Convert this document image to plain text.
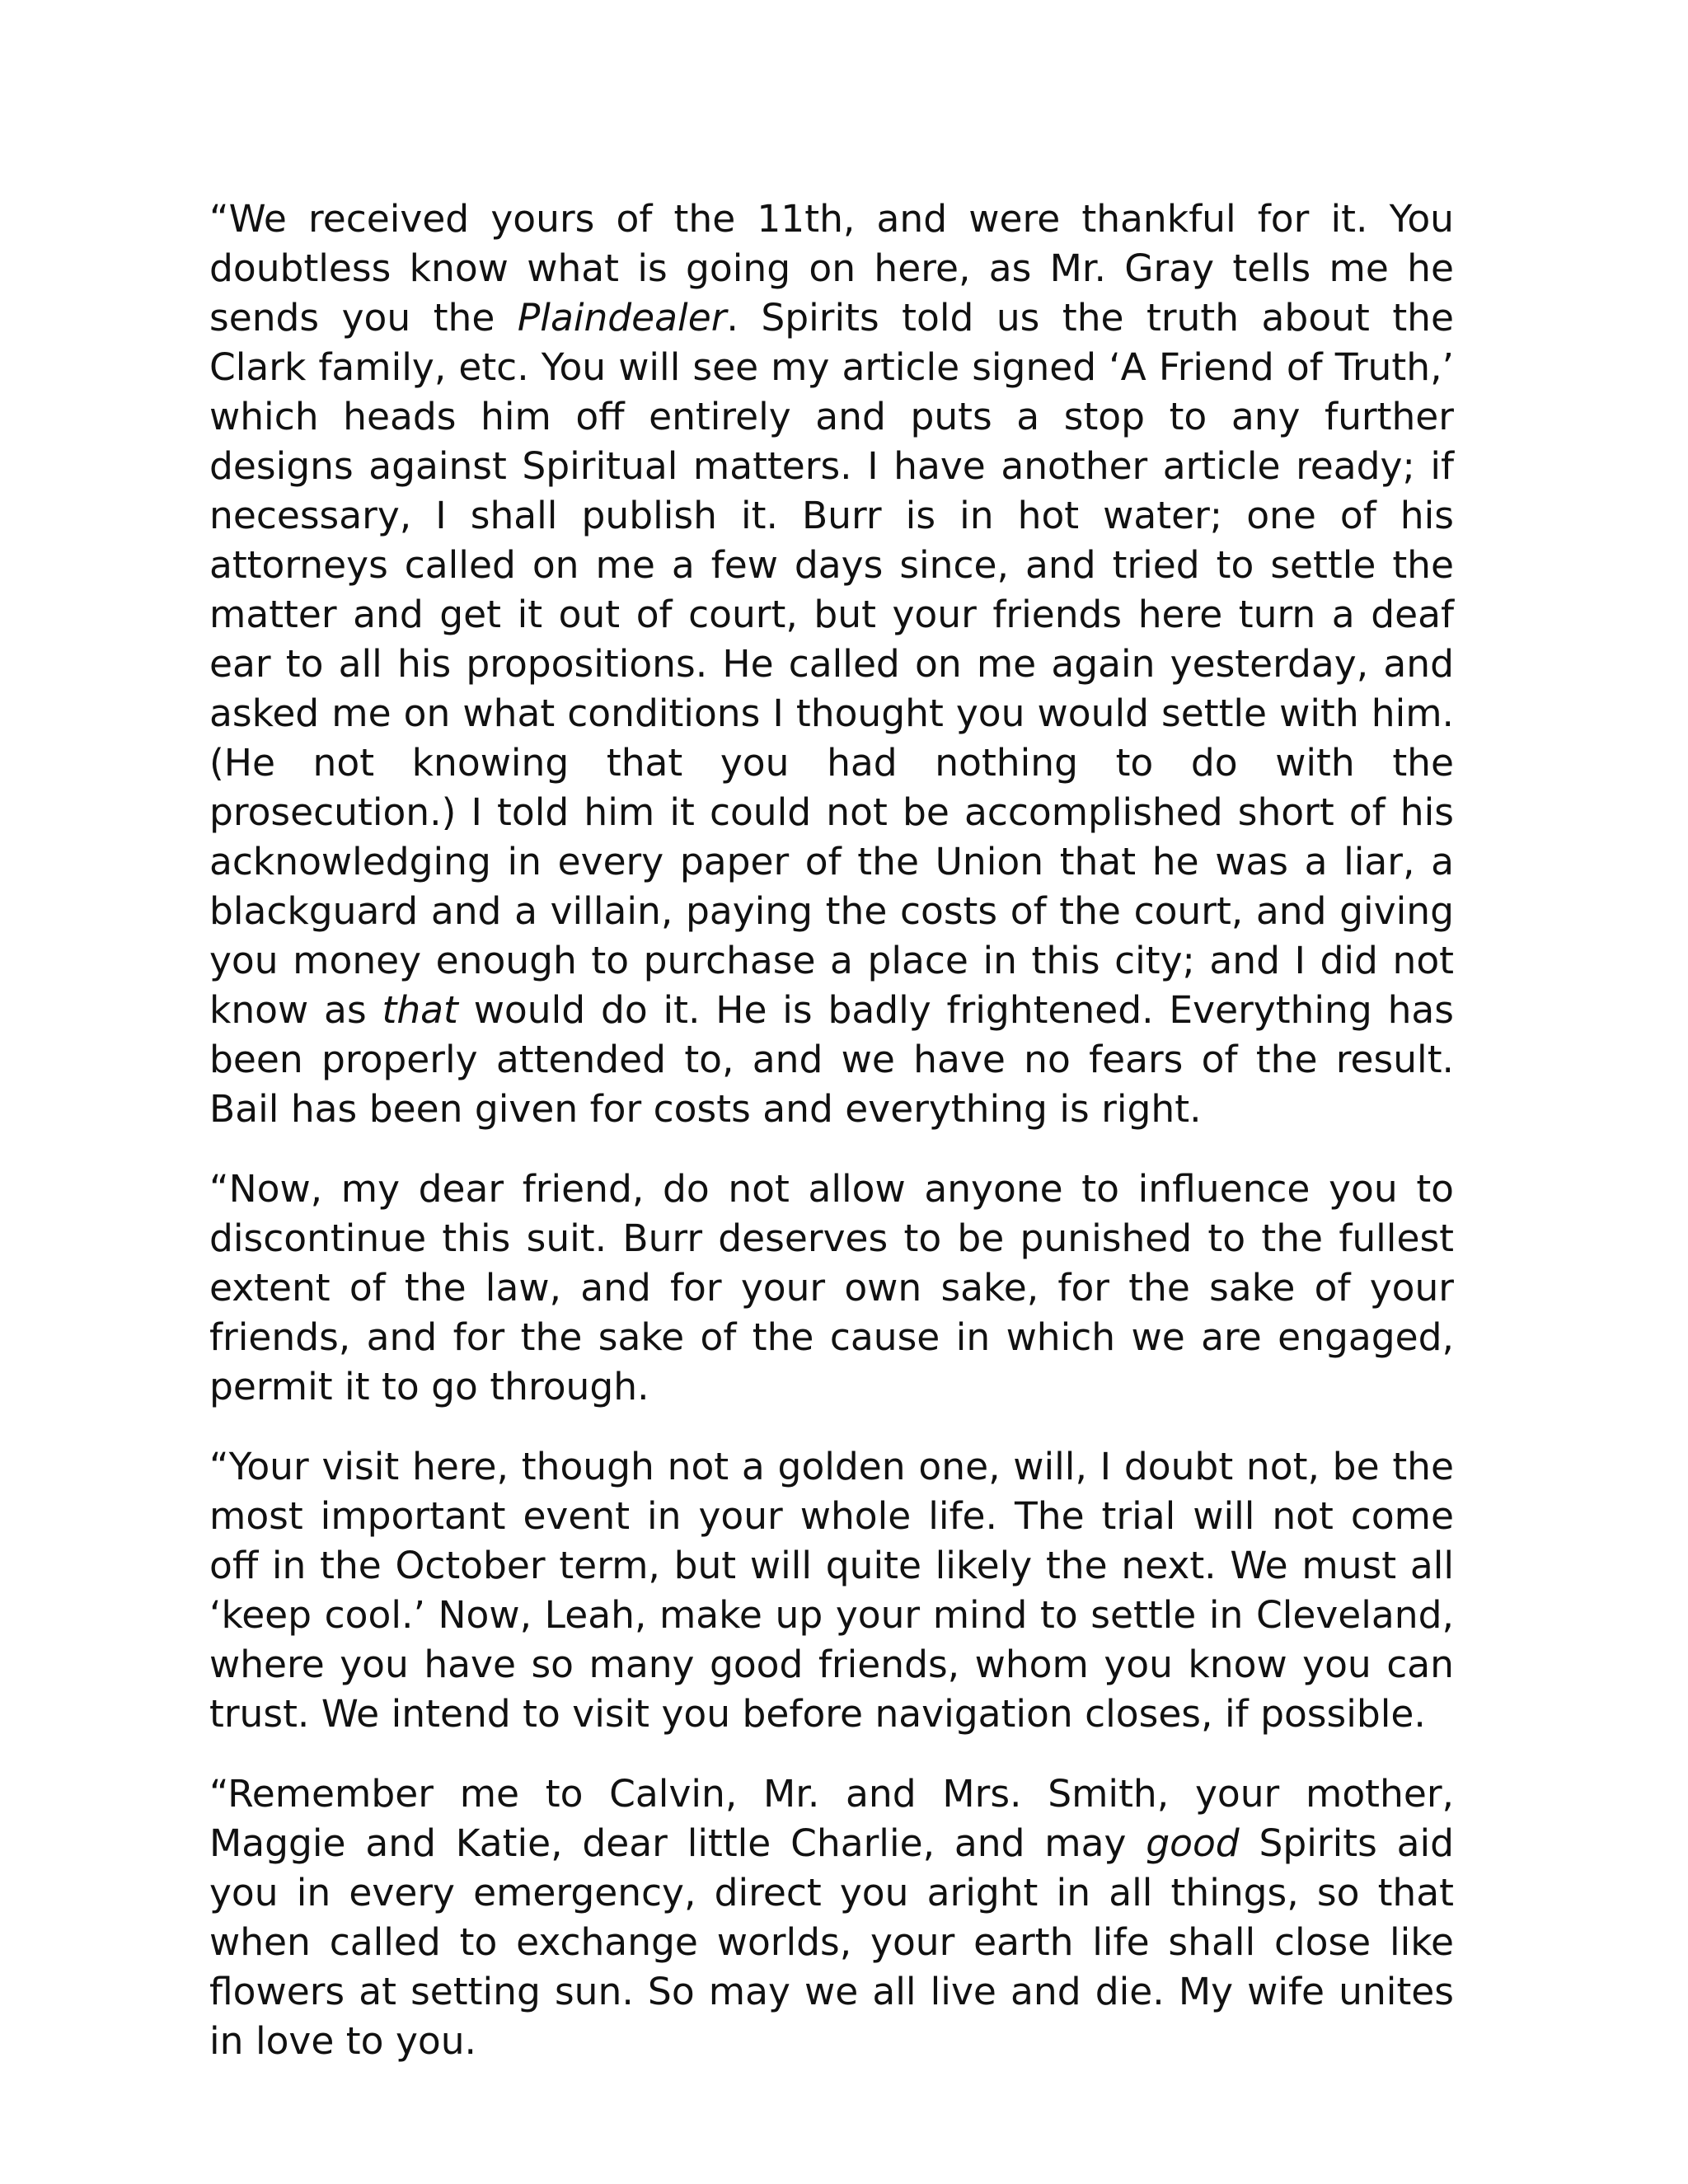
“We received yours of the 11th, and were thankful for it. You doubtless know what is going on here, as Mr. Gray tells me he sends you the Plaindealer. Spirits told us the truth about the Clark family, etc. You will see my article signed ‘A Friend of Truth,’ which heads him off entirely and puts a stop to any further designs against Spiritual matters. I have another article ready; if necessary, I shall publish it. Burr is in hot water; one of his attorneys called on me a few days since, and tried to settle the matter and get it out of court, but your friends here turn a deaf ear to all his propositions. He called on me again yesterday, and asked me on what conditions I thought you would settle with him. (He not knowing that you had nothing to do with the prosecution.) I told him it could not be accomplished short of his acknowledging in every paper of the Union that he was a liar, a blackguard and a villain, paying the costs of the court, and giving you money enough to purchase a place in this city; and I did not know as that would do it. He is badly frightened. Everything has been properly attended to, and we have no fears of the result. Bail has been given for costs and everything is right.

“Now, my dear friend, do not allow anyone to influence you to discontinue this suit. Burr deserves to be punished to the fullest extent of the law, and for your own sake, for the sake of your friends, and for the sake of the cause in which we are engaged, permit it to go through.

“Your visit here, though not a golden one, will, I doubt not, be the most important event in your whole life. The trial will not come off in the October term, but will quite likely the next. We must all ‘keep cool.’ Now, Leah, make up your mind to settle in Cleveland, where you have so many good friends, whom you know you can trust. We intend to visit you before navigation closes, if possible.

“Remember me to Calvin, Mr. and Mrs. Smith, your mother, Maggie and Katie, dear little Charlie, and may good Spirits aid you in every emergency, direct you aright in all things, so that when called to exchange worlds, your earth life shall close like flowers at setting sun. So may we all live and die. My wife unites in love to you.
